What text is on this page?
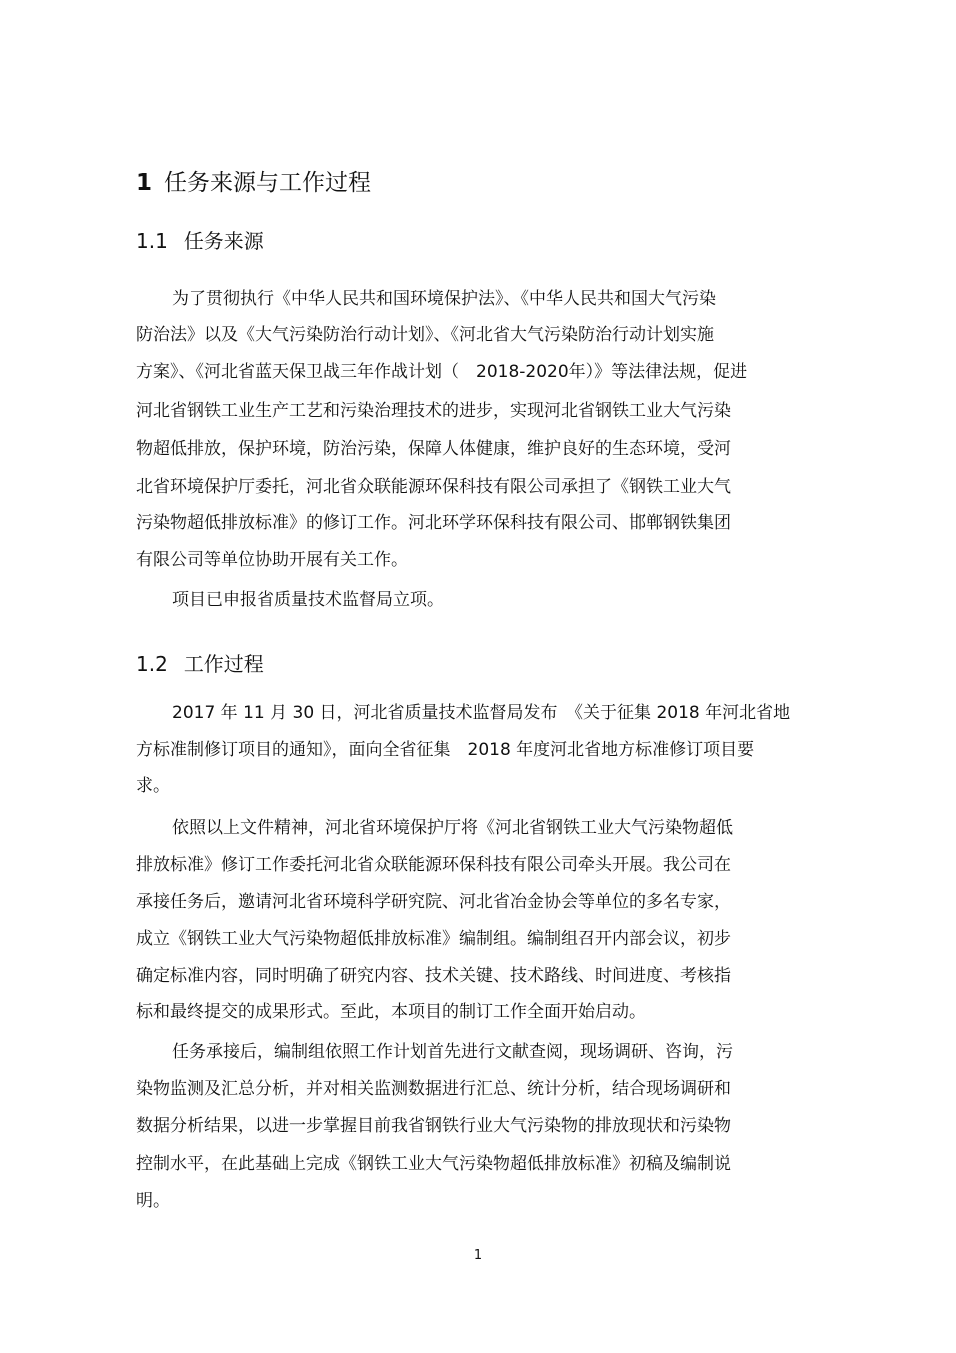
1 任务来源与工作过程
1.1 任务来源
为了贯彻执行《中华人民共和国环境保护法》、《中华人民共和国大气污染
防治法》以及《大气污染防治行动计划》、《河北省大气污染防治行动计划实施
方案》、《河北省蓝天保卫战三年作战计划（　2018-2020年）》等法律法规，促进
河北省钢铁工业生产工艺和污染治理技术的进步，实现河北省钢铁工业大气污染
物超低排放，保护环境，防治污染，保障人体健康，维护良好的生态环境，受河
北省环境保护厅委托，河北省众联能源环保科技有限公司承担了《钢铁工业大气
污染物超低排放标准》的修订工作。河北环学环保科技有限公司、邯郸钢铁集团
有限公司等单位协助开展有关工作。
项目已申报省质量技术监督局立项。
1.2 工作过程
2017 年 11 月 30 日，河北省质量技术监督局发布　《关于征集 2018 年河北省地
方标准制修订项目的通知》，面向全省征集　2018 年度河北省地方标准修订项目要
求。
依照以上文件精神，河北省环境保护厅将《河北省钢铁工业大气污染物超低
排放标准》修订工作委托河北省众联能源环保科技有限公司牵头开展。我公司在
承接任务后，邀请河北省环境科学研究院、河北省冶金协会等单位的多名专家，
成立《钢铁工业大气污染物超低排放标准》编制组。编制组召开内部会议，初步
确定标准内容，同时明确了研究内容、技术关键、技术路线、时间进度、考核指
标和最终提交的成果形式。至此，本项目的制订工作全面开始启动。
任务承接后，编制组依照工作计划首先进行文献查阅，现场调研、咨询，污
染物监测及汇总分析，并对相关监测数据进行汇总、统计分析，结合现场调研和
数据分析结果，以进一步掌握目前我省钢铁行业大气污染物的排放现状和污染物
控制水平，在此基础上完成《钢铁工业大气污染物超低排放标准》初稿及编制说
明。
1
